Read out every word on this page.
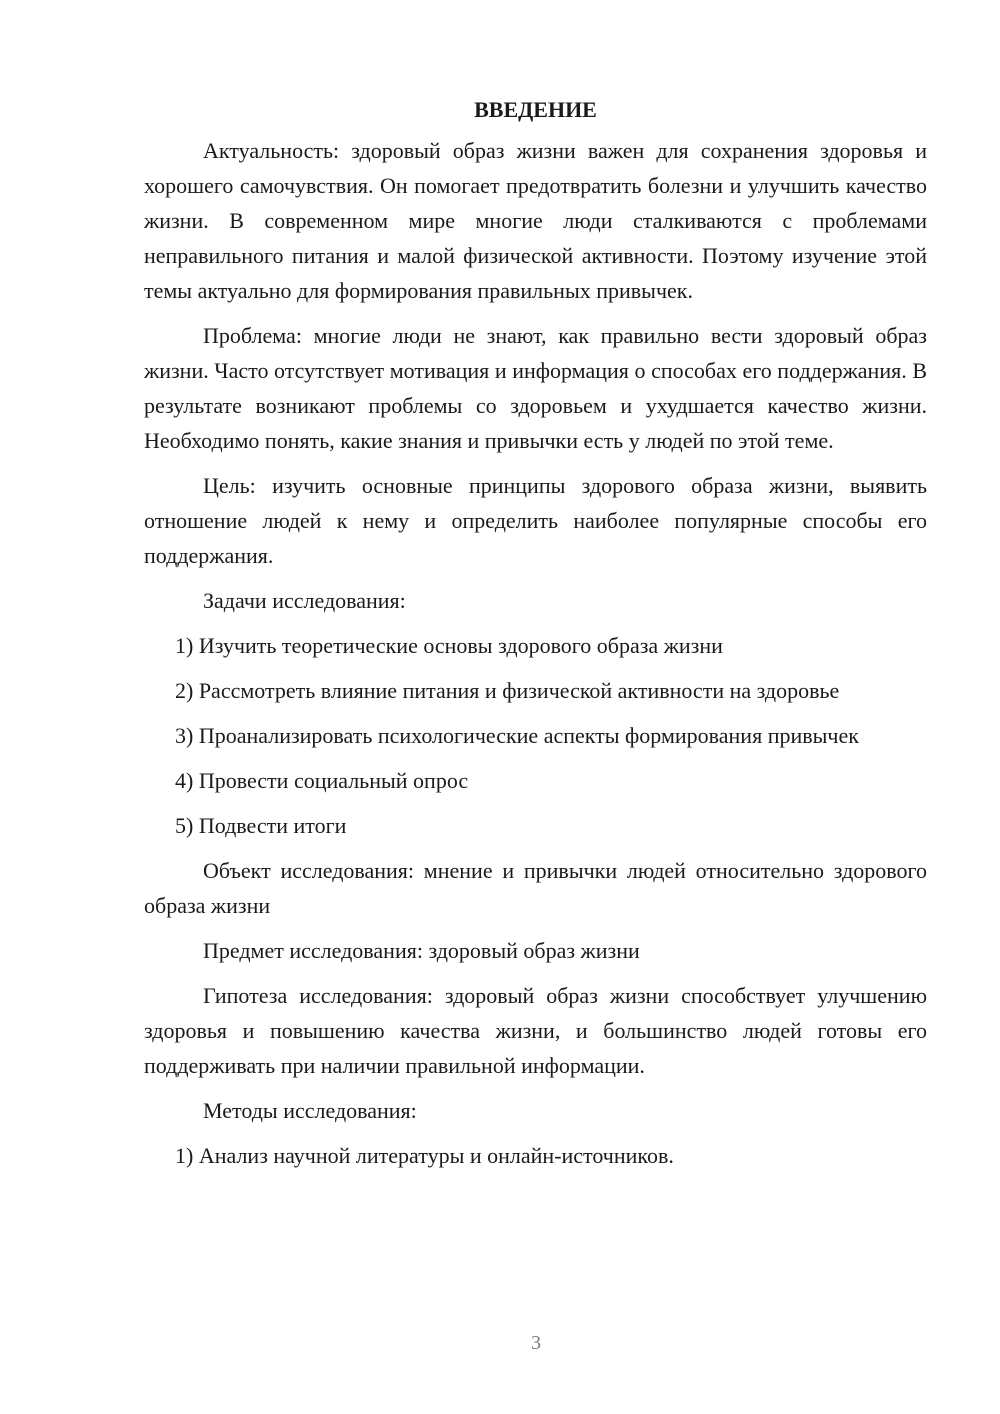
ВВЕДЕНИЕ

Актуальность: здоровый образ жизни важен для сохранения здоровья и хорошего самочувствия. Он помогает предотвратить болезни и улучшить качество жизни. В современном мире многие люди сталкиваются с проблемами неправильного питания и малой физической активности. Поэтому изучение этой темы актуально для формирования правильных привычек.

Проблема: многие люди не знают, как правильно вести здоровый образ жизни. Часто отсутствует мотивация и информация о способах его поддержания. В результате возникают проблемы со здоровьем и ухудшается качество жизни. Необходимо понять, какие знания и привычки есть у людей по этой теме.

Цель: изучить основные принципы здорового образа жизни, выявить отношение людей к нему и определить наиболее популярные способы его поддержания.

Задачи исследования:

1) Изучить теоретические основы здорового образа жизни

2) Рассмотреть влияние питания и физической активности на здоровье

3) Проанализировать психологические аспекты формирования привычек

4) Провести социальный опрос

5) Подвести итоги

Объект исследования: мнение и привычки людей относительно здорового образа жизни

Предмет исследования: здоровый образ жизни

Гипотеза исследования: здоровый образ жизни способствует улучшению здоровья и повышению качества жизни, и большинство людей готовы его поддерживать при наличии правильной информации.

Методы исследования:

1) Анализ научной литературы и онлайн-источников.

3
